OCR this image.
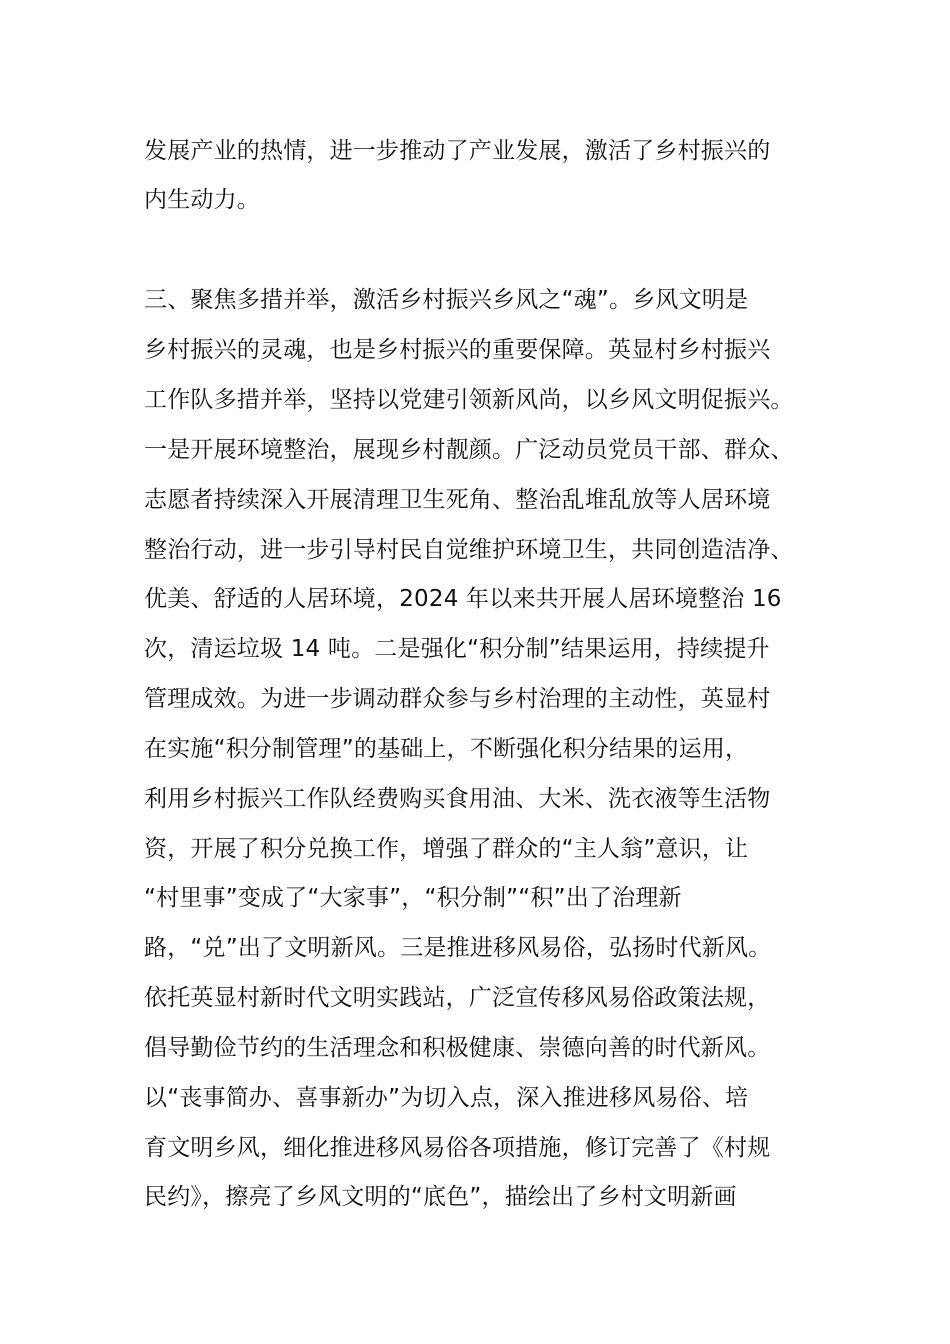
发展产业的热情，进一步推动了产业发展，激活了乡村振兴的
内生动力。
三、聚焦多措并举，激活乡村振兴乡风之“魂”。乡风文明是
乡村振兴的灵魂，也是乡村振兴的重要保障。英显村乡村振兴
工作队多措并举，坚持以党建引领新风尚，以乡风文明促振兴。
一是开展环境整治，展现乡村靓颜。广泛动员党员干部、群众、
志愿者持续深入开展清理卫生死角、整治乱堆乱放等人居环境
整治行动，进一步引导村民自觉维护环境卫生，共同创造洁净、
优美、舒适的人居环境，2024 年以来共开展人居环境整治 16
次，清运垃圾 14 吨。二是强化“积分制”结果运用，持续提升
管理成效。为进一步调动群众参与乡村治理的主动性，英显村
在实施“积分制管理”的基础上，不断强化积分结果的运用，
利用乡村振兴工作队经费购买食用油、大米、洗衣液等生活物
资，开展了积分兑换工作，增强了群众的“主人翁”意识，让
“村里事”变成了“大家事”，“积分制”“积”出了治理新
路，“兑”出了文明新风。三是推进移风易俗，弘扬时代新风。
依托英显村新时代文明实践站，广泛宣传移风易俗政策法规，
倡导勤俭节约的生活理念和积极健康、崇德向善的时代新风。
以“丧事简办、喜事新办”为切入点，深入推进移风易俗、培
育文明乡风，细化推进移风易俗各项措施，修订完善了《村规
民约》，擦亮了乡风文明的“底色”，描绘出了乡村文明新画
